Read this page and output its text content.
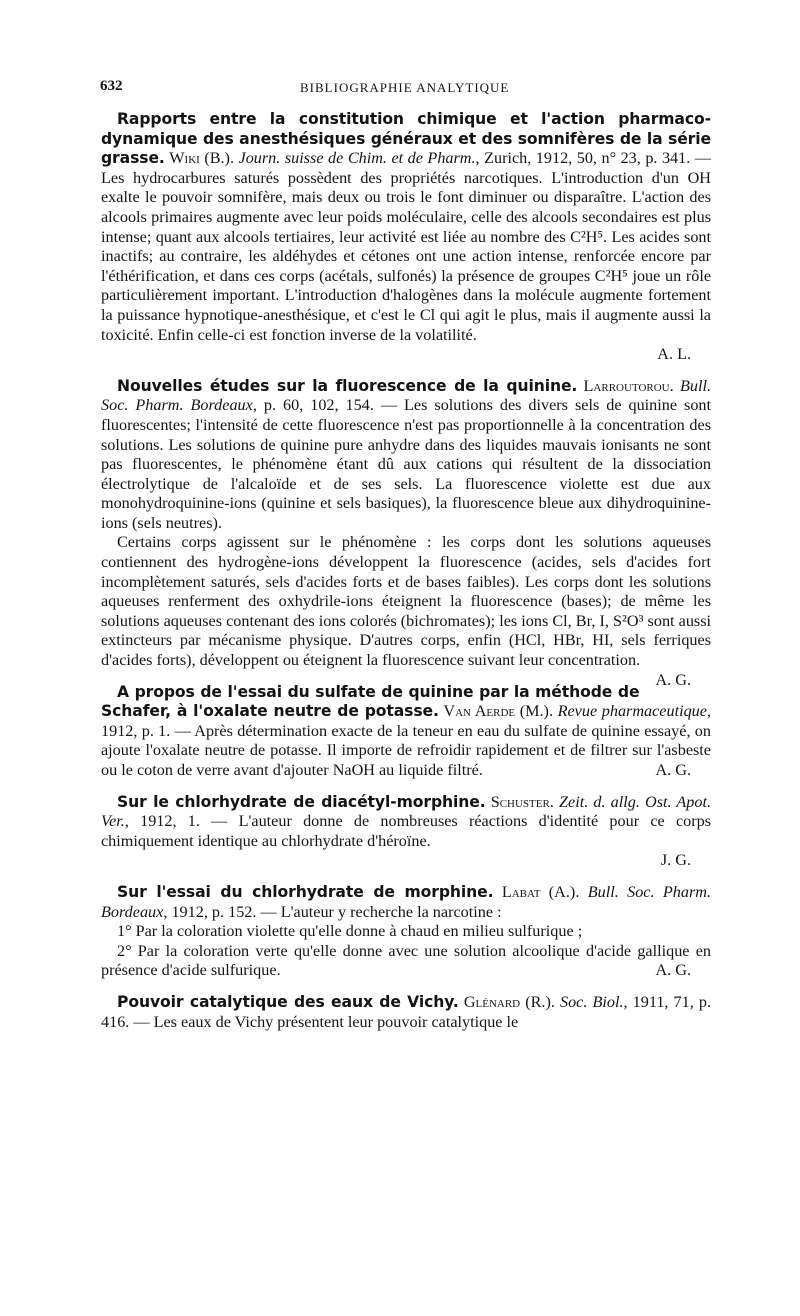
632	BIBLIOGRAPHIE ANALYTIQUE

Rapports entre la constitution chimique et l'action pharmaco-dynamique des anesthésiques généraux et des somnifères de la série grasse. Wiki (B.). Journ. suisse de Chim. et de Pharm., Zurich, 1912, 50, n° 23, p. 341. — Les hydrocarbures saturés possèdent des propriétés narcotiques. L'introduction d'un OH exalte le pouvoir somnifère, mais deux ou trois le font diminuer ou disparaître. L'action des alcools primaires augmente avec leur poids moléculaire, celle des alcools secondaires est plus intense; quant aux alcools tertiaires, leur activité est liée au nombre des C²H⁵. Les acides sont inactifs; au contraire, les aldéhydes et cétones ont une action intense, renforcée encore par l'éthérification, et dans ces corps (acétals, sulfonés) la présence de groupes C²H⁵ joue un rôle particulièrement important. L'introduction d'halogènes dans la molécule augmente fortement la puissance hypnotique-anesthésique, et c'est le Cl qui agit le plus, mais il augmente aussi la toxicité. Enfin celle-ci est fonction inverse de la volatilité.

A. L.

Nouvelles études sur la fluorescence de la quinine. Larroutorou. Bull. Soc. Pharm. Bordeaux, p. 60, 102, 154. — Les solutions des divers sels de quinine sont fluorescentes; l'intensité de cette fluorescence n'est pas proportionnelle à la concentration des solutions. Les solutions de quinine pure anhydre dans des liquides mauvais ionisants ne sont pas fluorescentes, le phénomène étant dû aux cations qui résultent de la dissociation électrolytique de l'alcaloïde et de ses sels. La fluorescence violette est due aux monohydroquinine-ions (quinine et sels basiques), la fluorescence bleue aux dihydroquinine-ions (sels neutres).

Certains corps agissent sur le phénomène : les corps dont les solutions aqueuses contiennent des hydrogène-ions développent la fluorescence (acides, sels d'acides fort incomplètement saturés, sels d'acides forts et de bases faibles). Les corps dont les solutions aqueuses renferment des oxhydrile-ions éteignent la fluorescence (bases); de même les solutions aqueuses contenant des ions colorés (bichromates); les ions Cl, Br, I, S²O³ sont aussi extincteurs par mécanisme physique. D'autres corps, enfin (HCl, HBr, HI, sels ferriques d'acides forts), développent ou éteignent la fluorescence suivant leur concentration.
A. G.

A propos de l'essai du sulfate de quinine par la méthode de Schafer, à l'oxalate neutre de potasse. Van Aerde (M.). Revue pharmaceutique, 1912, p. 1. — Après détermination exacte de la teneur en eau du sulfate de quinine essayé, on ajoute l'oxalate neutre de potasse. Il importe de refroidir rapidement et de filtrer sur l'asbeste ou le coton de verre avant d'ajouter NaOH au liquide filtré.	A. G.

Sur le chlorhydrate de diacétyl-morphine. Schuster. Zeit. d. allg. Ost. Apot. Ver., 1912, 1. — L'auteur donne de nombreuses réactions d'identité pour ce corps chimiquement identique au chlorhydrate d'héroïne.

J. G.

Sur l'essai du chlorhydrate de morphine. Labat (A.). Bull. Soc. Pharm. Bordeaux, 1912, p. 152. — L'auteur y recherche la narcotine :

1° Par la coloration violette qu'elle donne à chaud en milieu sulfurique ;

2° Par la coloration verte qu'elle donne avec une solution alcoolique d'acide gallique en présence d'acide sulfurique.	A. G.

Pouvoir catalytique des eaux de Vichy. Glénard (R.). Soc. Biol., 1911, 71, p. 416. — Les eaux de Vichy présentent leur pouvoir catalytique le
